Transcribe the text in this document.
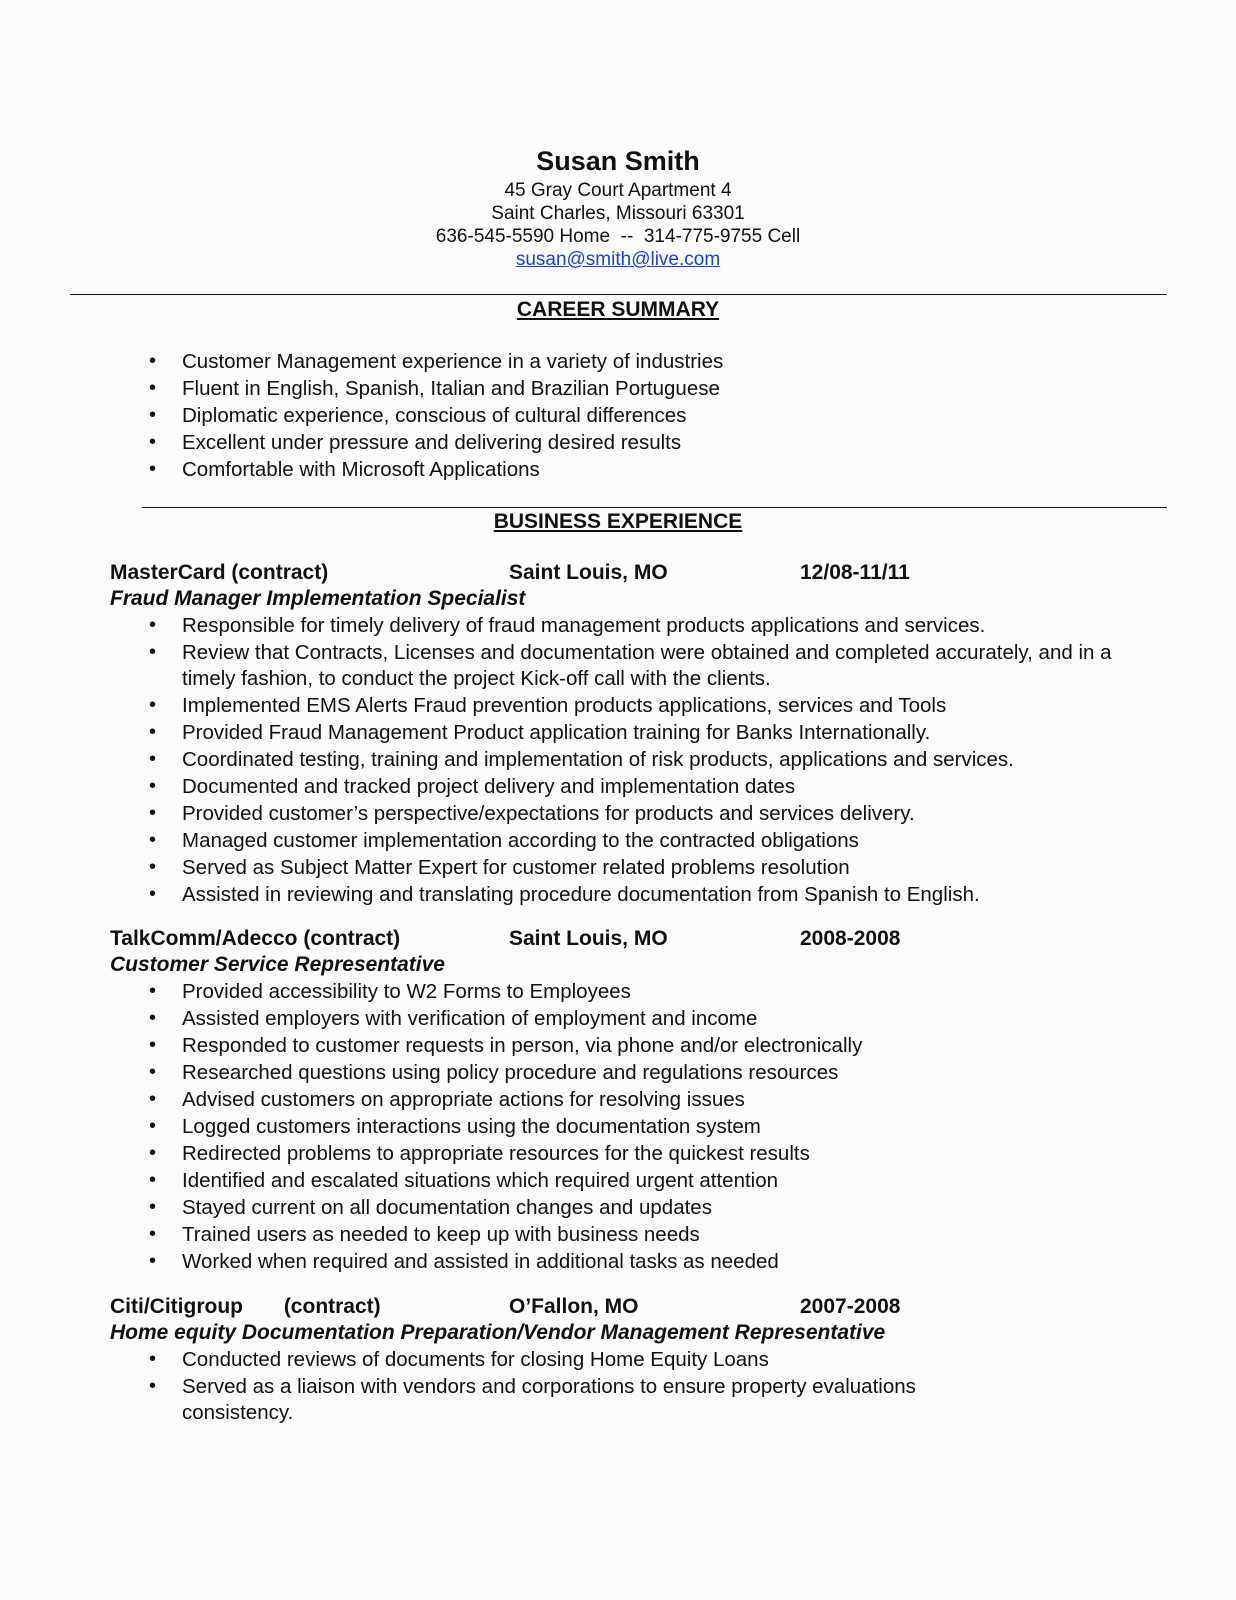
Susan Smith
45 Gray Court Apartment 4
Saint Charles, Missouri 63301
636-545-5590 Home  --  314-775-9755 Cell
susan@smith@live.com
CAREER SUMMARY
• Customer Management experience in a variety of industries
• Fluent in English, Spanish, Italian and Brazilian Portuguese
• Diplomatic experience, conscious of cultural differences
• Excellent under pressure and delivering desired results
• Comfortable with Microsoft Applications
BUSINESS EXPERIENCE
MasterCard (contract)	Saint Louis, MO	12/08-11/11
Fraud Manager Implementation Specialist
• Responsible for timely delivery of fraud management products applications and services.
• Review that Contracts, Licenses and documentation were obtained and completed accurately, and in a timely fashion, to conduct the project Kick-off call with the clients.
• Implemented EMS Alerts Fraud prevention products applications, services and Tools
• Provided Fraud Management Product application training for Banks Internationally.
• Coordinated testing, training and implementation of risk products, applications and services.
• Documented and tracked project delivery and implementation dates
• Provided customer’s perspective/expectations for products and services delivery.
• Managed customer implementation according to the contracted obligations
• Served as Subject Matter Expert for customer related problems resolution
• Assisted in reviewing and translating procedure documentation from Spanish to English.
TalkComm/Adecco (contract)	Saint Louis, MO	2008-2008
Customer Service Representative
• Provided accessibility to W2 Forms to Employees
• Assisted employers with verification of employment and income
• Responded to customer requests in person, via phone and/or electronically
• Researched questions using policy procedure and regulations resources
• Advised customers on appropriate actions for resolving issues
• Logged customers interactions using the documentation system
• Redirected problems to appropriate resources for the quickest results
• Identified and escalated situations which required urgent attention
• Stayed current on all documentation changes and updates
• Trained users as needed to keep up with business needs
• Worked when required and assisted in additional tasks as needed
Citi/Citigroup       (contract)	O’Fallon, MO	2007-2008
Home equity Documentation Preparation/Vendor Management Representative
• Conducted reviews of documents for closing Home Equity Loans
• Served as a liaison with vendors and corporations to ensure property evaluations consistency.
